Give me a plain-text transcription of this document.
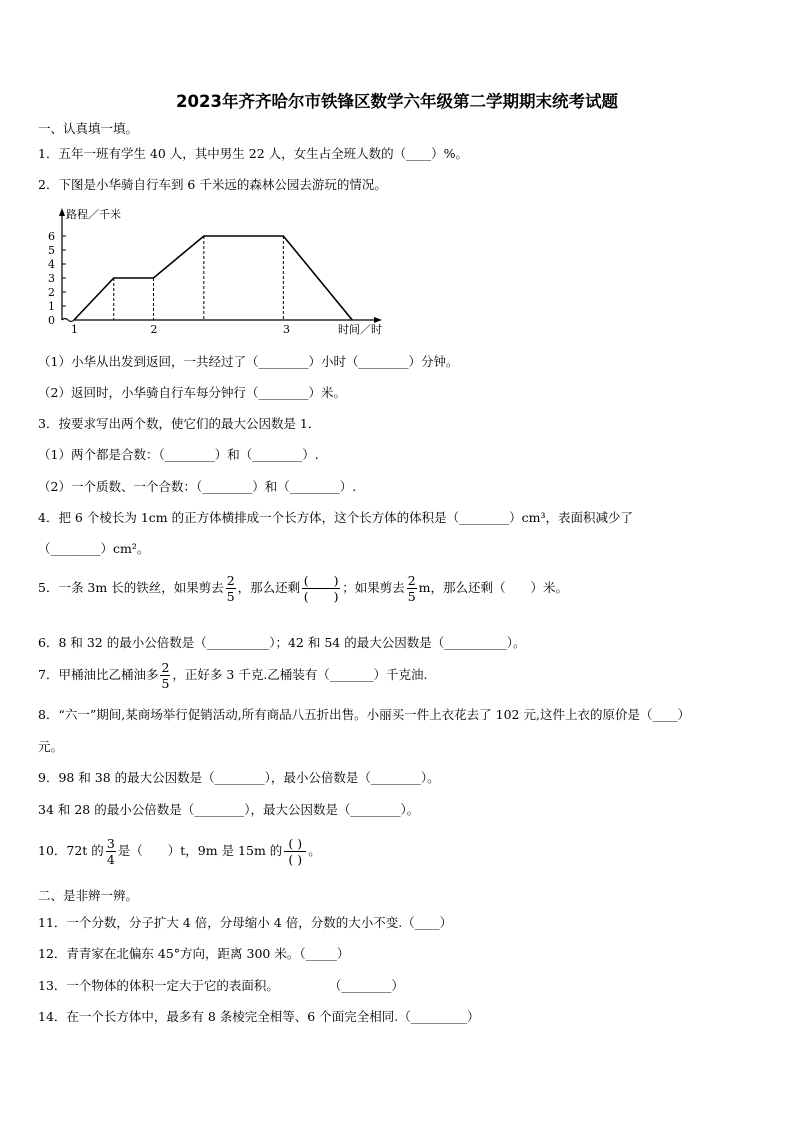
2023年齐齐哈尔市铁锋区数学六年级第二学期期末统考试题
一、认真填一填。
1．五年一班有学生 40 人，其中男生 22 人，女生占全班人数的（____）%。
2．下图是小华骑自行车到 6 千米远的森林公园去游玩的情况。
0
1
2
3
4
5
6
1	2	3
路程／千米
时间／时
（1）小华从出发到返回，一共经过了（________）小时（________）分钟。
（2）返回时，小华骑自行车每分钟行（________）米。
3．按要求写出两个数，使它们的最大公因数是 1．
（1）两个都是合数：（________）和（________）.
（2）一个质数、一个合数：（________）和（________）.
4．把 6 个棱长为 1cm 的正方体横排成一个长方体，这个长方体的体积是（________）cm³，表面积减少了
（________）cm²。
5．一条 3m 长的铁丝，如果剪去 $\frac{2}{5}$ ，那么还剩 $\frac{( )}{( )}$ ；如果剪去 $\frac{2}{5}$ m，那么还剩（　　）米。
6．8 和 32 的最小公倍数是（__________）；42 和 54 的最大公因数是（__________）。
7．甲桶油比乙桶油多 $\frac{2}{5}$ ，正好多 3 千克.乙桶装有（_______）千克油.
8．“六一”期间,某商场举行促销活动,所有商品八五折出售。小丽买一件上衣花去了 102 元,这件上衣的原价是（____）
元。
9．98 和 38 的最大公因数是（________），最小公倍数是（________）。
34 和 28 的最小公倍数是（________），最大公因数是（________）。
10．72t 的 $\frac{3}{4}$ 是（　　）t，9m 是 15m 的 $\frac{( )}{( )}$ 。
二、是非辨一辨。
11．一个分数，分子扩大 4 倍，分母缩小 4 倍，分数的大小不变.（____）
12．青青家在北偏东 45°方向，距离 300 米。（_____）
13．一个物体的体积一定大于它的表面积。　　　　　（________）
14．在一个长方体中，最多有 8 条棱完全相等、6 个面完全相同.（_________）
